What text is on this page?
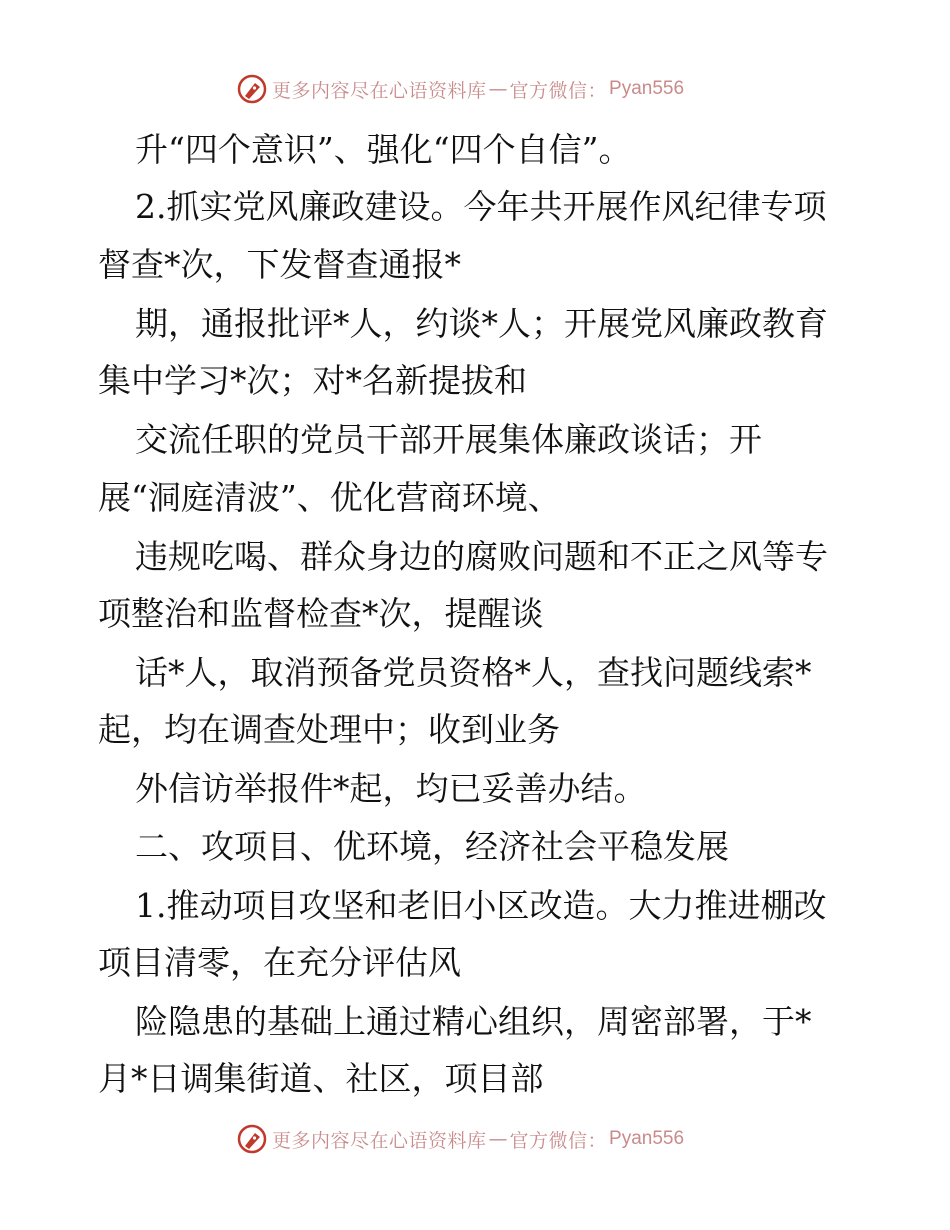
更多内容尽在心语资料库 — 官方微信： Pyan556
升“四个意识”、强化“四个自信”。
2.抓实党风廉政建设。今年共开展作风纪律专项
督查*次，下发督查通报*
期，通报批评*人，约谈*人；开展党风廉政教育
集中学习*次；对*名新提拔和
交流任职的党员干部开展集体廉政谈话；开
展“洞庭清波”、优化营商环境、
违规吃喝、群众身边的腐败问题和不正之风等专
项整治和监督检查*次，提醒谈
话*人，取消预备党员资格*人，查找问题线索*
起，均在调查处理中；收到业务
外信访举报件*起，均已妥善办结。
二、攻项目、优环境，经济社会平稳发展
1.推动项目攻坚和老旧小区改造。大力推进棚改
项目清零，在充分评估风
险隐患的基础上通过精心组织，周密部署，于*
月*日调集街道、社区，项目部
更多内容尽在心语资料库 — 官方微信： Pyan556
